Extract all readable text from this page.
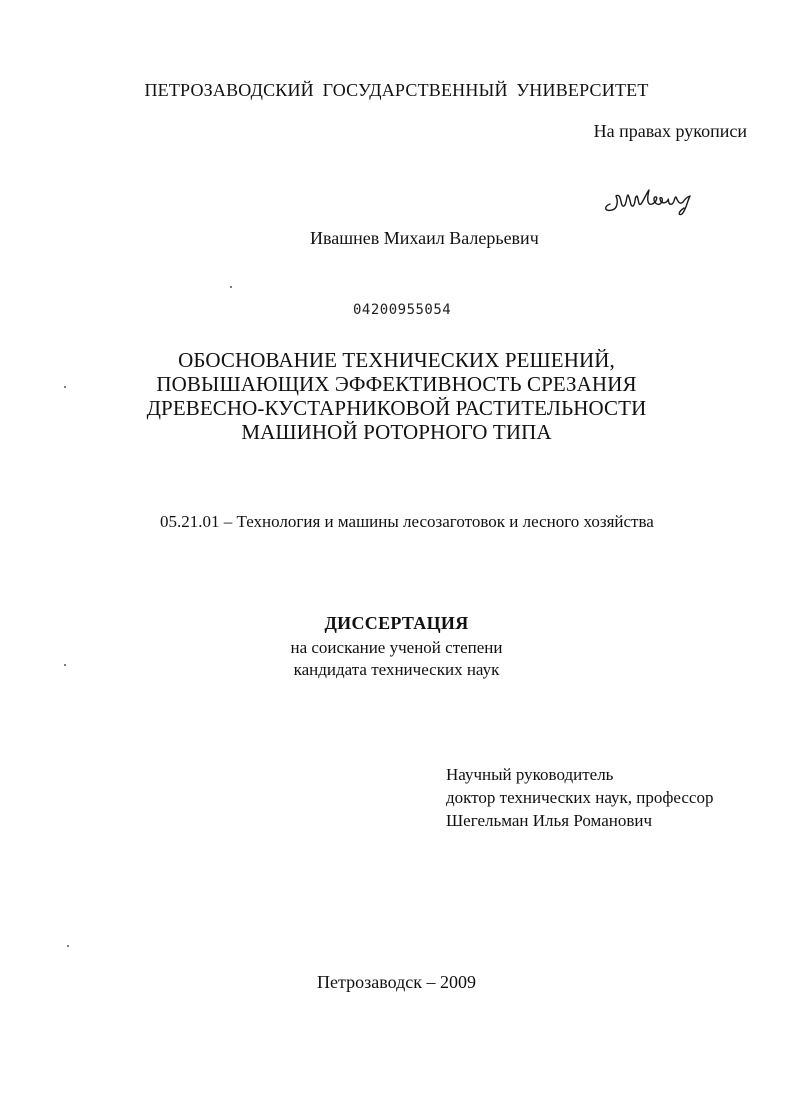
ПЕТРОЗАВОДСКИЙ ГОСУДАРСТВЕННЫЙ УНИВЕРСИТЕТ
На правах рукописи
Ивашнев Михаил Валерьевич
04200955054
ОБОСНОВАНИЕ ТЕХНИЧЕСКИХ РЕШЕНИЙ,
ПОВЫШАЮЩИХ ЭФФЕКТИВНОСТЬ СРЕЗАНИЯ
ДРЕВЕСНО-КУСТАРНИКОВОЙ РАСТИТЕЛЬНОСТИ
МАШИНОЙ РОТОРНОГО ТИПА
05.21.01 – Технология и машины лесозаготовок и лесного хозяйства
ДИССЕРТАЦИЯ
на соискание ученой степени
кандидата технических наук
Научный руководитель
доктор технических наук, профессор
Шегельман Илья Романович
Петрозаводск – 2009
